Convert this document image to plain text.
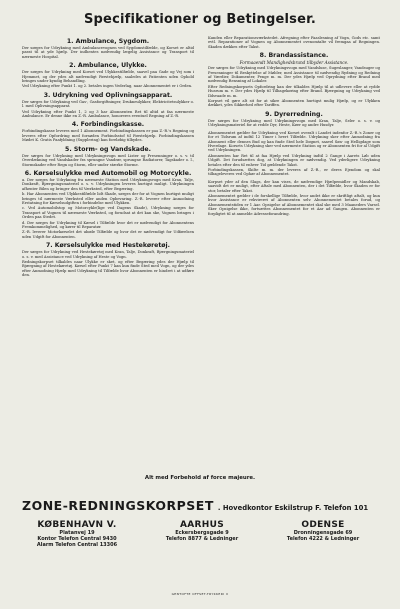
Specifikationer og Betingelser.
1. Ambulance, Sygdom.

Der sørges for Udrykning med Ambulancevognen ved Sygdomstilfælde, og Korset er altid parat til at yde hjælp. Der indhentes nødvendig lægelig Assistance og Transport til nærmeste Hospital.

2. Ambulance, Ulykke.

Der sørges for Udrykning med Korset ved Ulykkestilfælde, saavel paa Gade og Vej som i Hjemmet, og der ydes alt nødvendigt Førstehjælp, saaledes at Patienten uden Ophold bringes under kyndig Behandling.

Ved Udrykning efter Punkt 1. og 2. betales ingen Vederlag, naar Abonnementet er i Orden.

3. Udrykning ved Oplivningsapparat.

Der sørges for Udrykning ved Gas-, Gasforgiftninger, Drukneulykker, Elektricitetsulykker o. l. med Oplivningsapparat.

Ved Udrykning efter Punkt 1, 2 og 3 har Abonnenten Ret til altid at faa nærmeste Ambulance. Er denne ikke en Z.-R. Ambulance, honoreres eventuel Regning af Z.-R.

4. Forbindingskasse.

Forbindingskasse leveres med 1 Abonnement. Forbindingskassen er paa Z.-R.'s Regning og leveres efter Opfordring med fornøden Forbindsstof til Førstehjælp. Forbindingskassen Mødet K. Gratis Paafyldning (Supplering) kan foreløbig tilbydes.

5. Storm- og Vandskade.

Der sørges for Udrykning med Udrykningsvogn med Lister og Presenninger o. s. v. til Overdækning ved Vandskader fra sprungne Vandrør, sprungne Radiatorer, Tagskader o. l., Stormskader efter Regn og Storm, eller under stærke Storme.

6. Kørselsulykke med Automobil og Motorcykle.

a. Der sørges for Udrykning fra nærmeste Station med Udrykningsvogn med Kran, Talje, Donkraft, Bjærgningsmateriel o. s. v. Udrykningen leveres hurtigst muligt. Udrykningen afhenter Bilen og bringer den til Værksted, efter Begæring.

b. Har Abonnenten ved Ulykkestilfælde lidt Skade, sørges der for at Vognen hurtigst muligt bringes til nærmeste Værksted eller anden Opbevaring. Z.-R. leverer efter Anmodning Erstatning for Kørselsudgiften i forbindelse med Ulykken.

c. Ved Automobilstop og Motorcykle(lige ved Dagens Skade), Udrykning sørges for Transport af Vognen til nærmeste Værksted, og forudsat at det kan ske, Vognen bringes i Orden paa Stedet.

d. Der sørges for Udrykning til Kørsel i Tilfælde hvor det er nødvendigt for Abonnentens Fremkommelighed, og kører til Reparatør.

Z.-R. leverer Motorkørselet det ubøde Tilfælde og hvor det er nødvendigt for Udførelsen uden Udgift for Abonnenten.

7. Kørselsulykke med Hestekøretøj.

Der sørges for Udrykning ved Hestekøretøj med Kran, Talje, Donkraft, Bjærgningsmateriel o. s. v. med Assistance ved Udrykning af Heste og Vogn.

Redningskorpset tilkaldes naar Ulykke er sket, og efter Begæring ydes der Hjælp til Bjærgning af Hestekøretøj. Kørsel efter Punkt 7 kan kun finde Sted med Vogn, og der ydes efter Anmodning Hjælp med Udrykning til Tilfælde hvor Abonnenten er hindret i at udføre den.

Kunden eller Reparationsværkstedet. Afregning efter Faaslesning af Vogn, Gods etc. samt evtl. Reparationer af Vognen og Abonnementet ovenomtalte vil fremgaa af Regningen. Skaden dækkes efter Takst.

8. Brandassistance.
Formaaendt Mandighedsbrand tilbyder Assistance.

Der sørges for Udrykning med Udrykningsvogn med Vandsluse, Sugeslanger, Vandsuger og Presenninger til Beskyttelse af Møbler, med Assistance til nødvendig Rydning og Redning af Værdier, Dokumenter, Penge m. m. Der ydes Hjælp ved Oprydning efter Brand med nødvendig Rensning af Lokaler.

Efter Redningskorpsets Opfordring kan der tilkaldes Hjælp til at udlevere eller at rydde Husrum m. v. Der ydes Hjælp til Tilbagekøring efter Brand. Bjærgning og Udrykning ved Ildsvaade m. m.

Korpset vil gøre alt sit for at sikre Abonnenten hurtigst mulig Hjælp, og er Ulykken dækket, ydes Sikkerhed efter Tariffen.

9. Dyrerredning.

Der sørges for Udrykning med Udrykningsvogn med Kran, Talje, Seler o. s. v. og Udrykningsmateriel for at redde Dyr, Heste, Køer og andre Husdyr.

Abonnementet gælder for Udrykning ved Korset overalt i Landet indenfor Z.-R.'s Zoner og for et Tidsrum af indtil 12 Timer i hvert Tilfælde. Udrykning sker efter Anmodning fra Abonnent eller dennes Bud og kan finde Sted hele Døgnet, saavel Søn- og Helligdage som Hverdage. Korsets Udrykning sker ved nærmeste Station og er Abonnenten fri for al Udgift ved Udrykningen.

Abonnenten har Ret til at faa Hjælp ved Udrykning indtil 2 Gange i Aarets Løb uden Udgift. Det forudsættes dog, at Udrykningen er nødvendig. Ved yderligere Udrykning betales efter den til enhver Tid gældende Takst.

Forbindingskassen, Skilte m. m. der leveres af Z.-R., er deres Ejendom og skal tilbageleveres ved Ophør af Abonnementet.

Korpset yder af den Slags, der kan vises, de nødvendige Hjælpemidler og Mandskab, saavidt det er muligt, efter Aftale med Abonnenten, der i det Tilfælde, hvor Skaden er for stor, betaler efter Takst.

Abonnementet gælder i de forskellige Tilfælde, hvor andet ikke er skriftligt aftalt, og kun hvor Assistance er rekvireret af Abonnenten selv. Abonnementet betales forud, og Abonnementstiden er 1 Aar. Opsigelse af Abonnementet skal ske med 3 Maaneders Varsel. Sker Opsigelse ikke, fortsættes Abonnementet for et Aar ad Gangen. Abonnenten er forpligtet til at anmelde Adresseforandring.

Alt med Forbehold af force majeure.
ZONE-REDNINGSKORPSET . Hovedkontor Eskilstrup F. Telefon 101
KØBENHAVN V.
Platanvej 19
Kontor Telefon Central 9430
Alarm Telefon Central 13306
AARHUS
Eckersbergsgade 9
Telefon 8877 & Ledninger
ODENSE
Dronningensgade 69
Telefon 4222 & Ledninger
GENTOFTE OFFSET-TRYKKERI II
